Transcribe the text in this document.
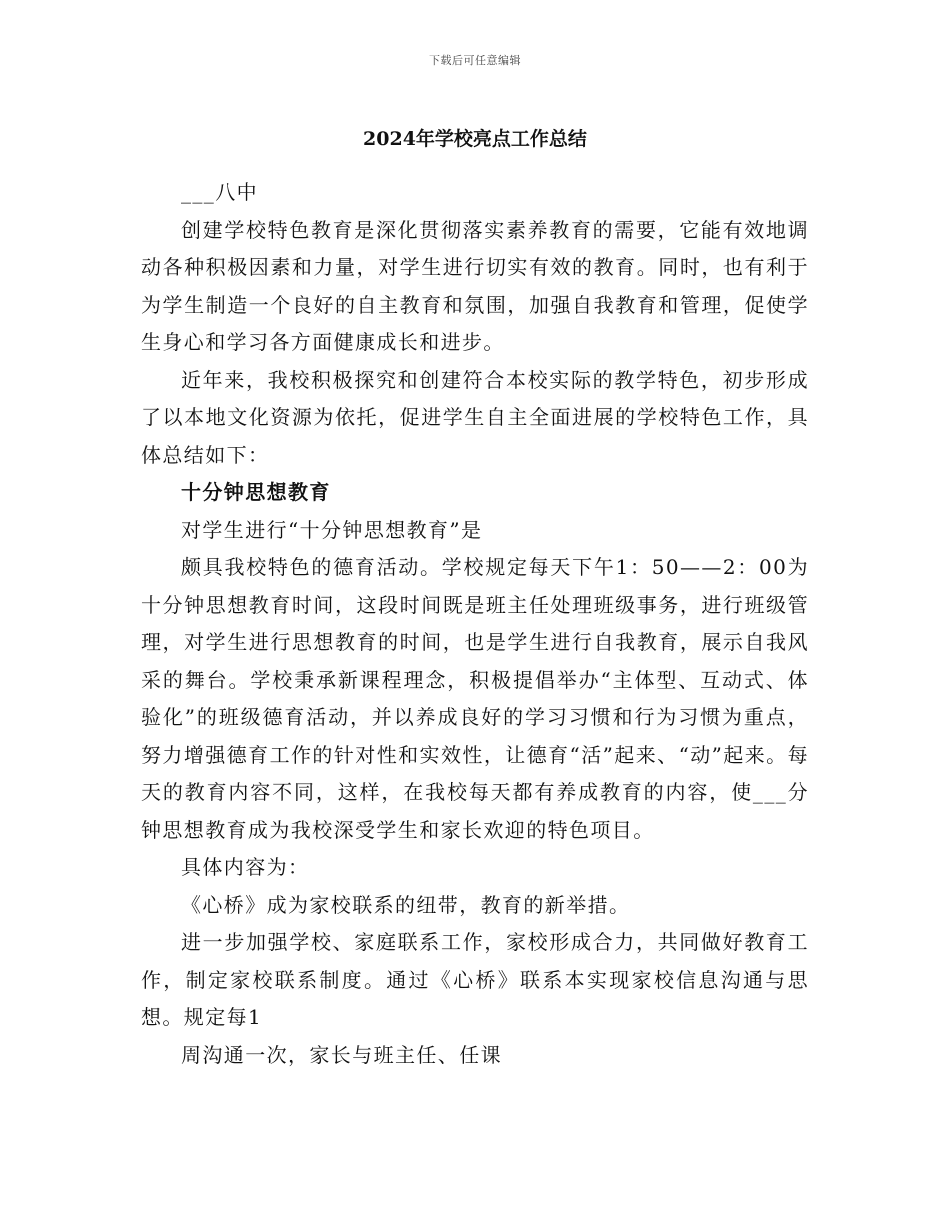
下载后可任意编辑
2024年学校亮点工作总结

___八中

创建学校特色教育是深化贯彻落实素养教育的需要，它能有效地调动各种积极因素和力量，对学生进行切实有效的教育。同时，也有利于为学生制造一个良好的自主教育和氛围，加强自我教育和管理，促使学生身心和学习各方面健康成长和进步。

近年来，我校积极探究和创建符合本校实际的教学特色，初步形成了以本地文化资源为依托，促进学生自主全面进展的学校特色工作，具体总结如下：

十分钟思想教育

对学生进行“十分钟思想教育”是

颇具我校特色的德育活动。学校规定每天下午1：50——2：00为十分钟思想教育时间，这段时间既是班主任处理班级事务，进行班级管理，对学生进行思想教育的时间，也是学生进行自我教育，展示自我风采的舞台。学校秉承新课程理念，积极提倡举办“主体型、互动式、体验化”的班级德育活动，并以养成良好的学习习惯和行为习惯为重点，努力增强德育工作的针对性和实效性，让德育“活”起来、“动”起来。每天的教育内容不同，这样，在我校每天都有养成教育的内容，使___分钟思想教育成为我校深受学生和家长欢迎的特色项目。

具体内容为：

《心桥》成为家校联系的纽带，教育的新举措。

进一步加强学校、家庭联系工作，家校形成合力，共同做好教育工作，制定家校联系制度。通过《心桥》联系本实现家校信息沟通与思想。规定每1

周沟通一次，家长与班主任、任课
